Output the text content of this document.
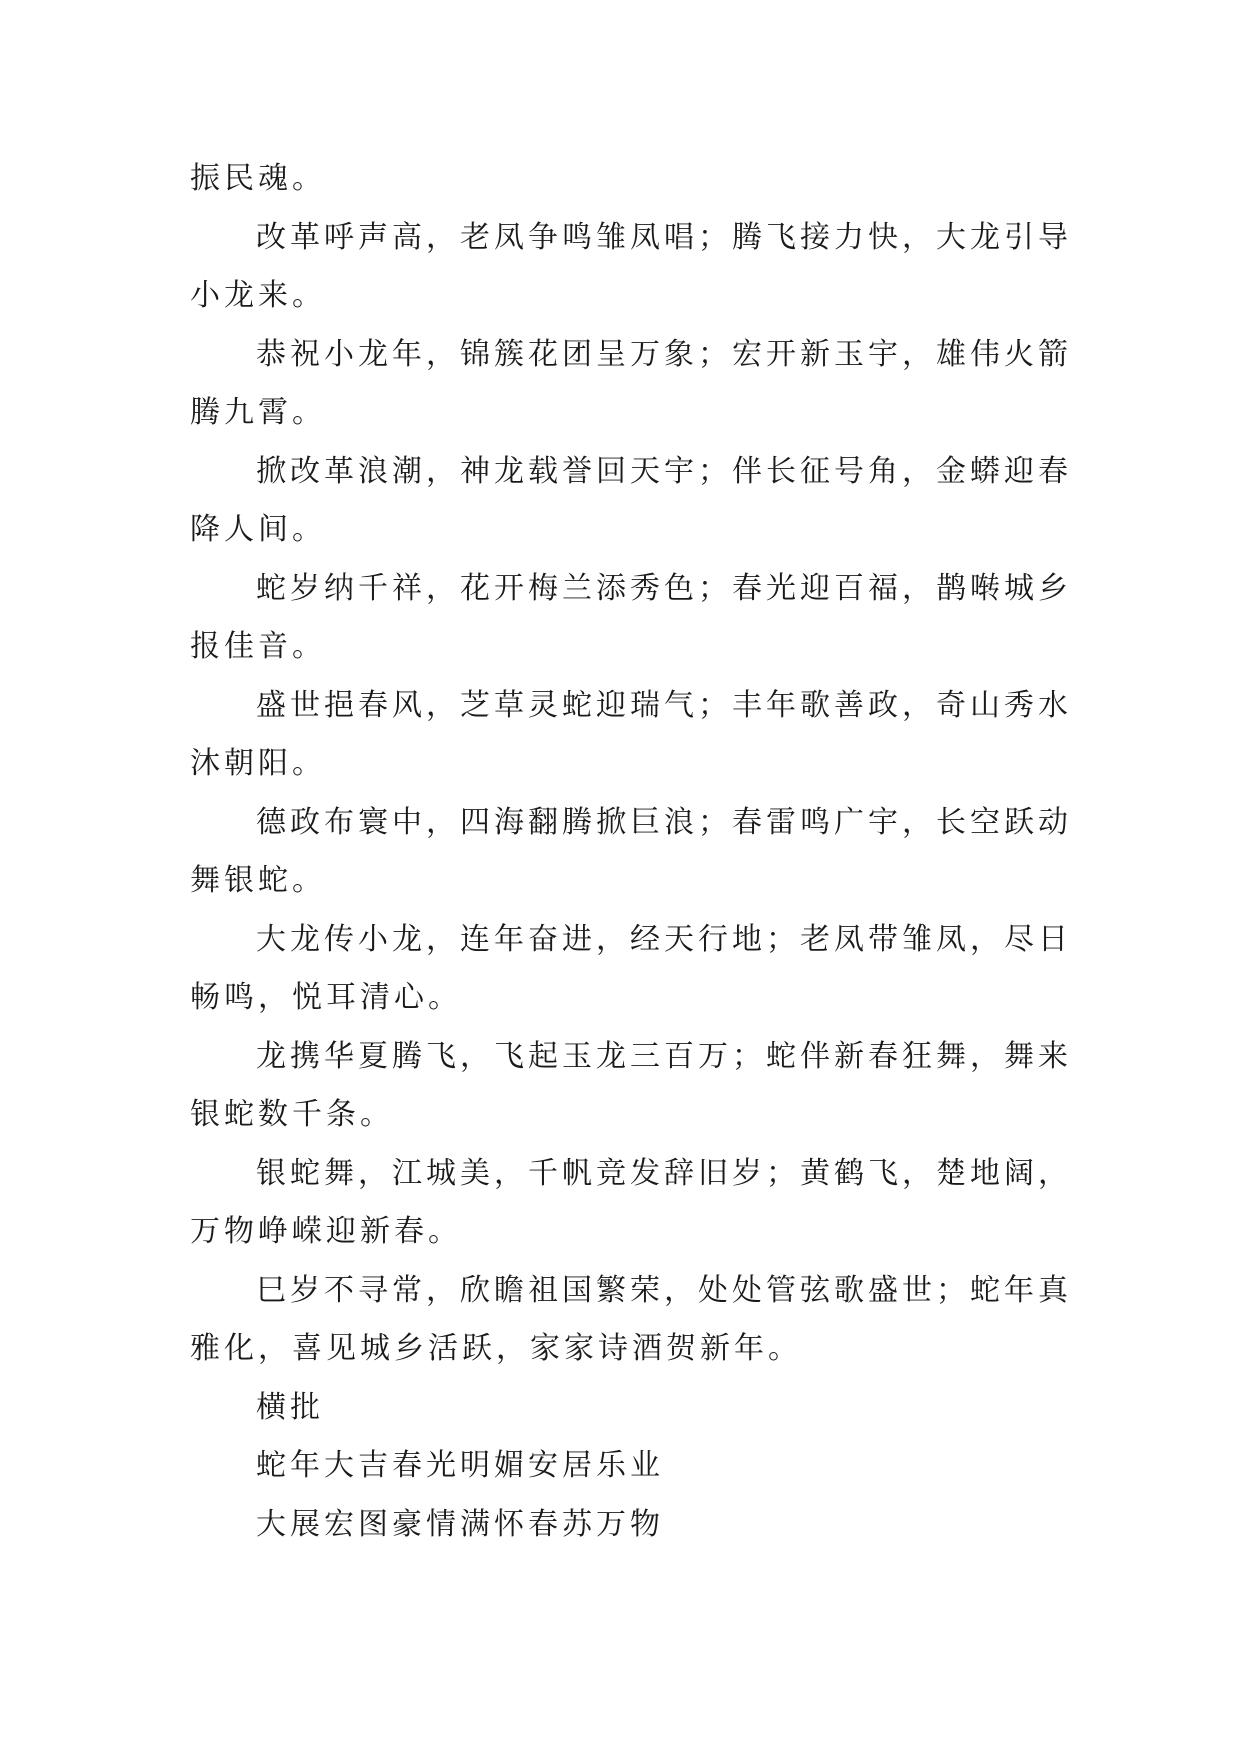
振民魂。
改革呼声高，老凤争鸣雏凤唱；腾飞接力快，大龙引导
小龙来。
恭祝小龙年，锦簇花团呈万象；宏开新玉宇，雄伟火箭
腾九霄。
掀改革浪潮，神龙载誉回天宇；伴长征号角，金蟒迎春
降人间。
蛇岁纳千祥，花开梅兰添秀色；春光迎百福，鹊啭城乡
报佳音。
盛世挹春风，芝草灵蛇迎瑞气；丰年歌善政，奇山秀水
沐朝阳。
德政布寰中，四海翻腾掀巨浪；春雷鸣广宇，长空跃动
舞银蛇。
大龙传小龙，连年奋进，经天行地；老凤带雏凤，尽日
畅鸣，悦耳清心。
龙携华夏腾飞，飞起玉龙三百万；蛇伴新春狂舞，舞来
银蛇数千条。
银蛇舞，江城美，千帆竞发辞旧岁；黄鹤飞，楚地阔，
万物峥嵘迎新春。
巳岁不寻常，欣瞻祖国繁荣，处处管弦歌盛世；蛇年真
雅化，喜见城乡活跃，家家诗酒贺新年。
横批
蛇年大吉春光明媚安居乐业
大展宏图豪情满怀春苏万物
